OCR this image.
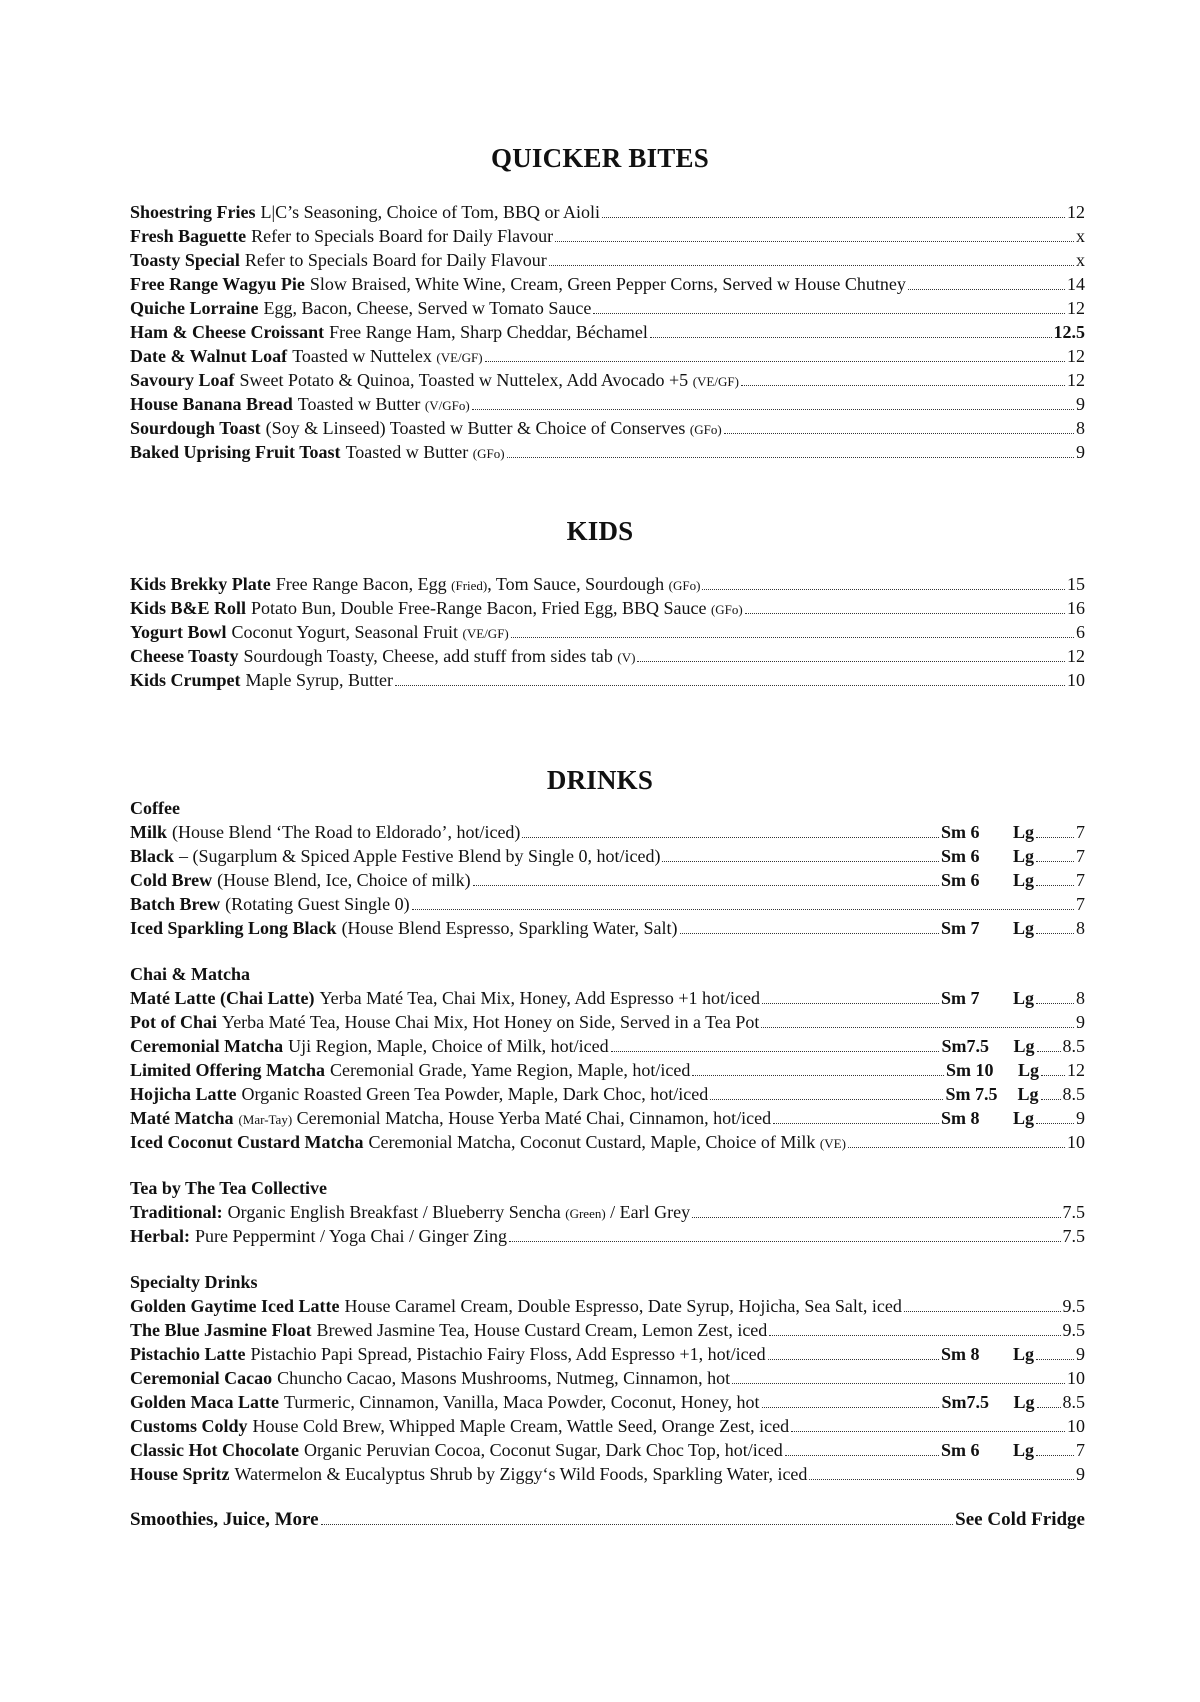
QUICKER BITES
Shoestring Fries L|C’s Seasoning, Choice of Tom, BBQ or Aioli	12
Fresh Baguette Refer to Specials Board for Daily Flavour	x
Toasty Special Refer to Specials Board for Daily Flavour	x
Free Range Wagyu Pie Slow Braised, White Wine, Cream, Green Pepper Corns, Served w House Chutney	14
Quiche Lorraine Egg, Bacon, Cheese, Served w Tomato Sauce	12
Ham & Cheese Croissant Free Range Ham, Sharp Cheddar, Béchamel	12.5
Date & Walnut Loaf Toasted w Nuttelex (VE/GF)	12
Savoury Loaf Sweet Potato & Quinoa, Toasted w Nuttelex, Add Avocado +5 (VE/GF)	12
House Banana Bread Toasted w Butter (V/GFo)	9
Sourdough Toast (Soy & Linseed) Toasted w Butter & Choice of Conserves (GFo)	8
Baked Uprising Fruit Toast Toasted w Butter (GFo)	9
KIDS
Kids Brekky Plate Free Range Bacon, Egg (Fried), Tom Sauce, Sourdough (GFo)	15
Kids B&E Roll Potato Bun, Double Free-Range Bacon, Fried Egg, BBQ Sauce (GFo)	16
Yogurt Bowl Coconut Yogurt, Seasonal Fruit (VE/GF)	6
Cheese Toasty Sourdough Toasty, Cheese, add stuff from sides tab (V)	12
Kids Crumpet Maple Syrup, Butter	10
DRINKS
Coffee
Milk (House Blend ‘The Road to Eldorado’, hot/iced)	Sm 6	Lg 7
Black – (Sugarplum & Spiced Apple Festive Blend by Single 0, hot/iced)	Sm 6	Lg 7
Cold Brew (House Blend, Ice, Choice of milk)	Sm 6	Lg 7
Batch Brew (Rotating Guest Single 0)	7
Iced Sparkling Long Black (House Blend Espresso, Sparkling Water, Salt)	Sm 7	Lg 8
Chai & Matcha
Maté Latte (Chai Latte) Yerba Maté Tea, Chai Mix, Honey, Add Espresso +1 hot/iced	Sm 7	Lg 8
Pot of Chai Yerba Maté Tea, House Chai Mix, Hot Honey on Side, Served in a Tea Pot	9
Ceremonial Matcha Uji Region, Maple, Choice of Milk, hot/iced	Sm7.5	Lg 8.5
Limited Offering Matcha Ceremonial Grade, Yame Region, Maple, hot/iced	Sm 10	Lg 12
Hojicha Latte Organic Roasted Green Tea Powder, Maple, Dark Choc, hot/iced	Sm 7.5	Lg 8.5
Maté Matcha (Mar-Tay) Ceremonial Matcha, House Yerba Maté Chai, Cinnamon, hot/iced	Sm 8	Lg 9
Iced Coconut Custard Matcha Ceremonial Matcha, Coconut Custard, Maple, Choice of Milk (VE)	10
Tea by The Tea Collective
Traditional: Organic English Breakfast / Blueberry Sencha (Green) / Earl Grey	7.5
Herbal: Pure Peppermint / Yoga Chai / Ginger Zing	7.5
Specialty Drinks
Golden Gaytime Iced Latte House Caramel Cream, Double Espresso, Date Syrup, Hojicha, Sea Salt, iced	9.5
The Blue Jasmine Float Brewed Jasmine Tea, House Custard Cream, Lemon Zest, iced	9.5
Pistachio Latte Pistachio Papi Spread, Pistachio Fairy Floss, Add Espresso +1, hot/iced	Sm 8	Lg 9
Ceremonial Cacao Chuncho Cacao, Masons Mushrooms, Nutmeg, Cinnamon, hot	10
Golden Maca Latte Turmeric, Cinnamon, Vanilla, Maca Powder, Coconut, Honey, hot	Sm7.5	Lg 8.5
Customs Coldy House Cold Brew, Whipped Maple Cream, Wattle Seed, Orange Zest, iced	10
Classic Hot Chocolate Organic Peruvian Cocoa, Coconut Sugar, Dark Choc Top, hot/iced	Sm 6	Lg 7
House Spritz Watermelon & Eucalyptus Shrub by Ziggy‘s Wild Foods, Sparkling Water, iced	9
Smoothies, Juice, More	See Cold Fridge
